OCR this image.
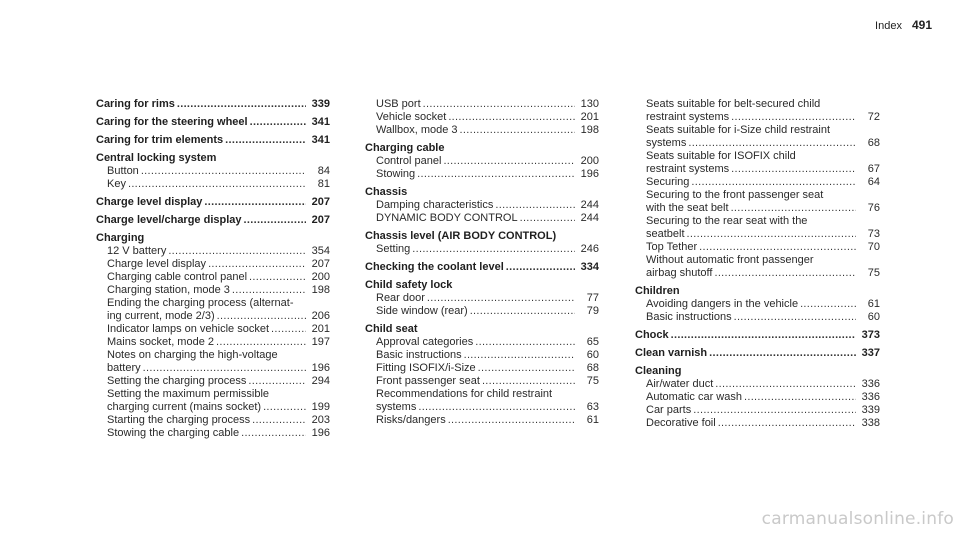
Index 491
Caring for rims .....	339
Caring for the steering wheel .....	341
Caring for trim elements .....	341
Central locking system
Button .....	84
Key .....	81
Charge level display .....	207
Charge level/charge display .....	207
Charging
12 V battery .....	354
Charge level display .....	207
Charging cable control panel .....	200
Charging station, mode 3 .....	198
Ending the charging process (alternat-
ing current, mode 2/3) .....	206
Indicator lamps on vehicle socket .....	201
Mains socket, mode 2 .....	197
Notes on charging the high-voltage
battery .....	196
Setting the charging process .....	294
Setting the maximum permissible
charging current (mains socket) .....	199
Starting the charging process .....	203
Stowing the charging cable .....	196
USB port .....	130
Vehicle socket .....	201
Wallbox, mode 3 .....	198
Charging cable
Control panel .....	200
Stowing .....	196
Chassis
Damping characteristics .....	244
DYNAMIC BODY CONTROL .....	244
Chassis level (AIR BODY CONTROL)
Setting .....	246
Checking the coolant level .....	334
Child safety lock
Rear door .....	77
Side window (rear) .....	79
Child seat
Approval categories .....	65
Basic instructions .....	60
Fitting ISOFIX/i-Size .....	68
Front passenger seat .....	75
Recommendations for child restraint
systems .....	63
Risks/dangers .....	61
Seats suitable for belt-secured child
restraint systems .....	72
Seats suitable for i-Size child restraint
systems .....	68
Seats suitable for ISOFIX child
restraint systems .....	67
Securing .....	64
Securing to the front passenger seat
with the seat belt .....	76
Securing to the rear seat with the
seatbelt .....	73
Top Tether .....	70
Without automatic front passenger
airbag shutoff .....	75
Children
Avoiding dangers in the vehicle .....	61
Basic instructions .....	60
Chock .....	373
Clean varnish .....	337
Cleaning
Air/water duct .....	336
Automatic car wash .....	336
Car parts .....	339
Decorative foil .....	338
carmanualsonline.info
